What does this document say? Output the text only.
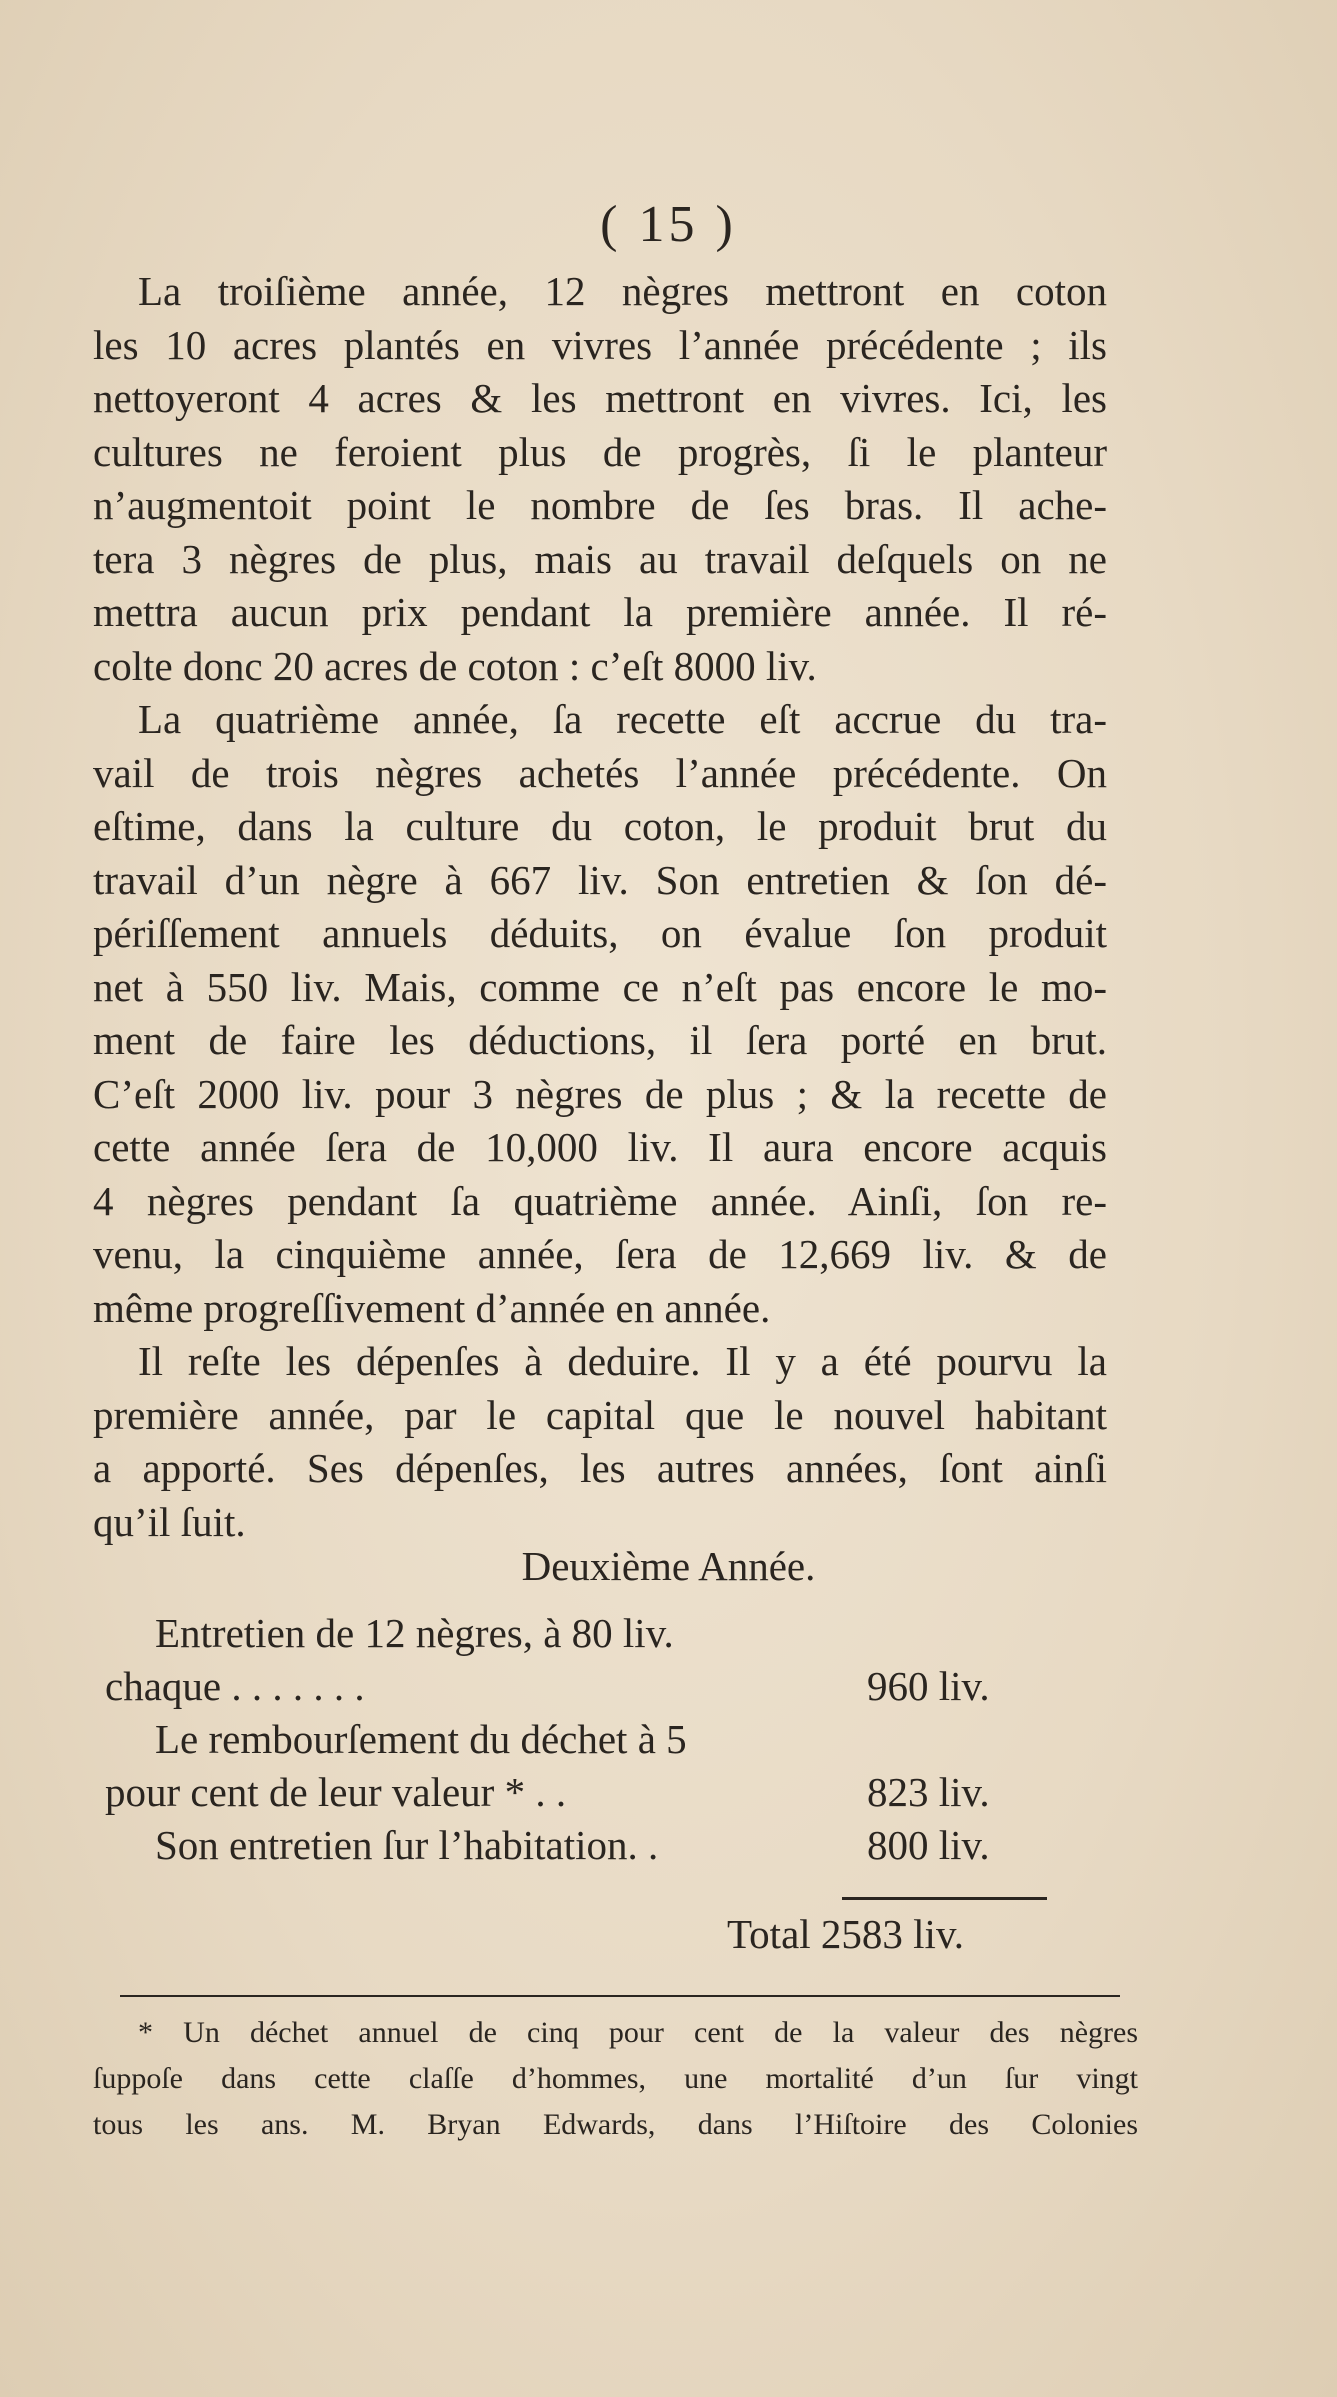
( 15 )
La troiſième année, 12 nègres mettront en coton
les 10 acres plantés en vivres l’année précédente ; ils
nettoyeront 4 acres & les mettront en vivres. Ici, les
cultures ne feroient plus de progrès, ſi le planteur
n’augmentoit point le nombre de ſes bras. Il ache-
tera 3 nègres de plus, mais au travail deſquels on ne
mettra aucun prix pendant la première année. Il ré-
colte donc 20 acres de coton : c’eſt 8000 liv.
La quatrième année, ſa recette eſt accrue du tra-
vail de trois nègres achetés l’année précédente. On
eſtime, dans la culture du coton, le produit brut du
travail d’un nègre à 667 liv. Son entretien & ſon dé-
périſſement annuels déduits, on évalue ſon produit
net à 550 liv. Mais, comme ce n’eſt pas encore le mo-
ment de faire les déductions, il ſera porté en brut.
C’eſt 2000 liv. pour 3 nègres de plus ; & la recette de
cette année ſera de 10,000 liv. Il aura encore acquis
4 nègres pendant ſa quatrième année. Ainſi, ſon re-
venu, la cinquième année, ſera de 12,669 liv. & de
même progreſſivement d’année en année.
Il reſte les dépenſes à deduire. Il y a été pourvu la
première année, par le capital que le nouvel habitant
a apporté. Ses dépenſes, les autres années, ſont ainſi
qu’il ſuit.
Deuxième Année.
Entretien de 12 nègres, à 80 liv.
chaque . . . . . . .	960 liv.
Le rembourſement du déchet à 5
pour cent de leur valeur * . .	823 liv.
Son entretien ſur l’habitation. .	800 liv.
Total 2583 liv.
* Un déchet annuel de cinq pour cent de la valeur des nègres
ſuppoſe dans cette claſſe d’hommes, une mortalité d’un ſur vingt
tous les ans. M. Bryan Edwards, dans l’Hiſtoire des Colonies
